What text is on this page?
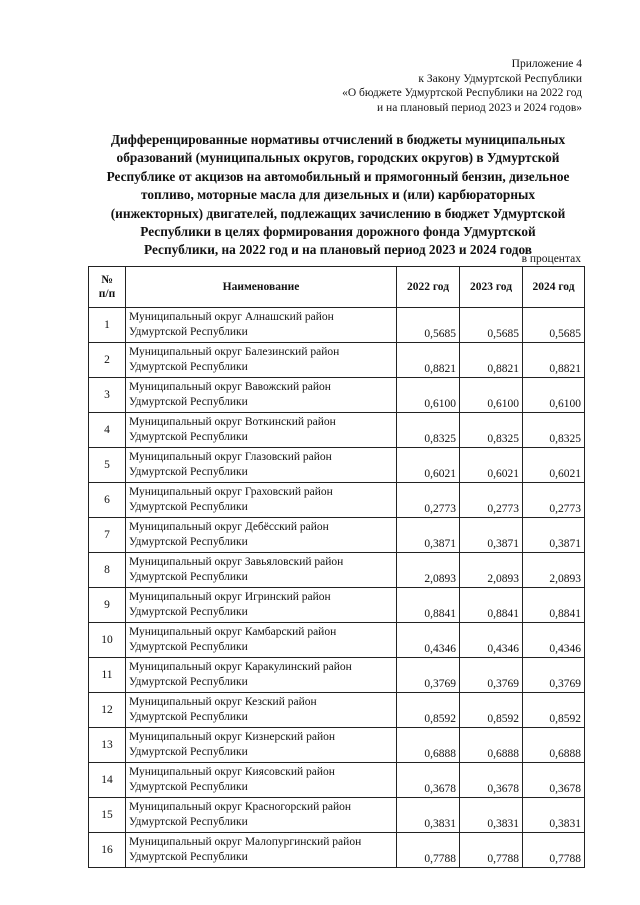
Приложение 4
к Закону Удмуртской Республики
«О бюджете Удмуртской Республики на 2022 год
и на плановый период 2023 и 2024 годов»
Дифференцированные нормативы отчислений в бюджеты муниципальных
образований (муниципальных округов, городских округов) в Удмуртской
Республике от акцизов на автомобильный и прямогонный бензин, дизельное
топливо, моторные масла для дизельных и (или) карбюраторных
(инжекторных) двигателей, подлежащих зачислению в бюджет Удмуртской
Республики в целях формирования дорожного фонда Удмуртской
Республики, на 2022 год и на плановый период 2023 и 2024 годов
в процентах
№
п/п	Наименование	2022 год	2023 год	2024 год
1	Муниципальный округ Алнашский район
Удмуртской Республики	0,5685	0,5685	0,5685
2	Муниципальный округ Балезинский район
Удмуртской Республики	0,8821	0,8821	0,8821
3	Муниципальный округ Вавожский район
Удмуртской Республики	0,6100	0,6100	0,6100
4	Муниципальный округ Воткинский район
Удмуртской Республики	0,8325	0,8325	0,8325
5	Муниципальный округ Глазовский район
Удмуртской Республики	0,6021	0,6021	0,6021
6	Муниципальный округ Граховский район
Удмуртской Республики	0,2773	0,2773	0,2773
7	Муниципальный округ Дебёсский район
Удмуртской Республики	0,3871	0,3871	0,3871
8	Муниципальный округ Завьяловский район
Удмуртской Республики	2,0893	2,0893	2,0893
9	Муниципальный округ Игринский район
Удмуртской Республики	0,8841	0,8841	0,8841
10	Муниципальный округ Камбарский район
Удмуртской Республики	0,4346	0,4346	0,4346
11	Муниципальный округ Каракулинский район
Удмуртской Республики	0,3769	0,3769	0,3769
12	Муниципальный округ Кезский район
Удмуртской Республики	0,8592	0,8592	0,8592
13	Муниципальный округ Кизнерский район
Удмуртской Республики	0,6888	0,6888	0,6888
14	Муниципальный округ Киясовский район
Удмуртской Республики	0,3678	0,3678	0,3678
15	Муниципальный округ Красногорский район
Удмуртской Республики	0,3831	0,3831	0,3831
16	Муниципальный округ Малопургинский район
Удмуртской Республики	0,7788	0,7788	0,7788
